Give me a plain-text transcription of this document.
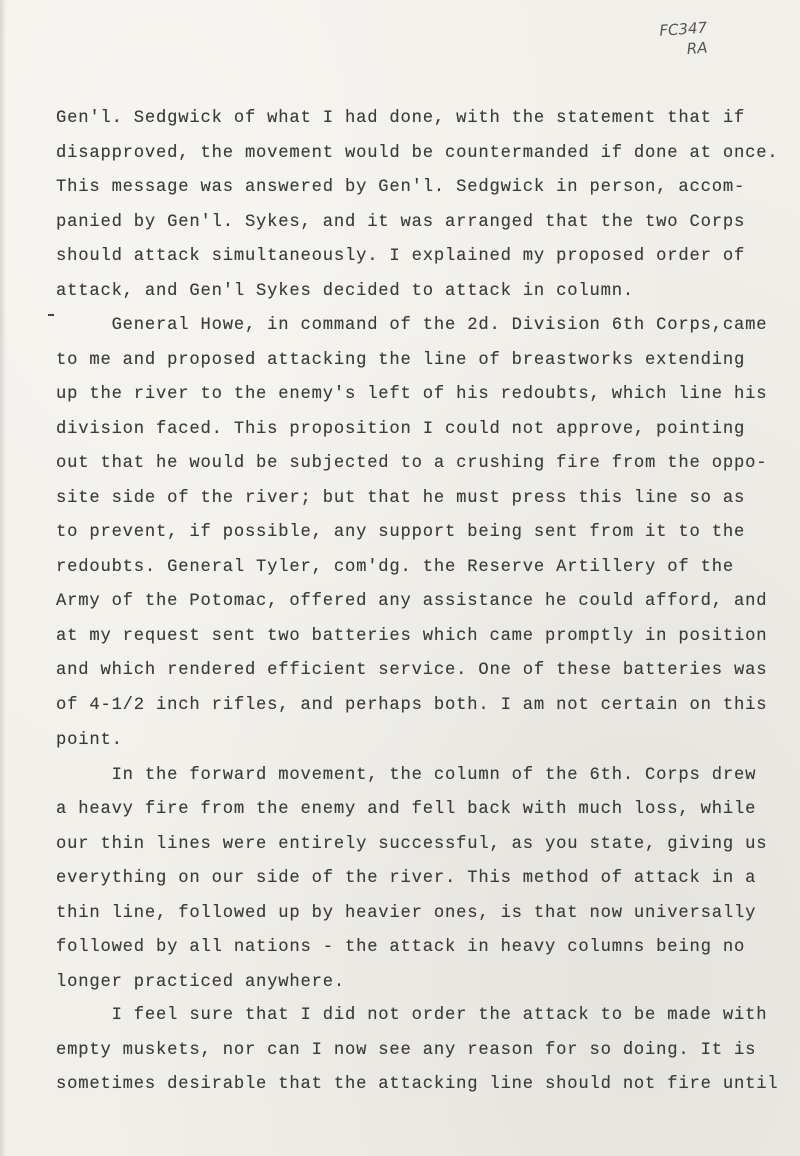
FC347
RA
Gen'l. Sedgwick of what I had done, with the statement that if
disapproved, the movement would be countermanded if done at once.
This message was answered by Gen'l. Sedgwick in person, accom-
panied by Gen'l. Sykes, and it was arranged that the two Corps
should attack simultaneously. I explained my proposed order of
attack, and Gen'l Sykes decided to attack in column.
General Howe, in command of the 2d. Division 6th Corps,came
to me and proposed attacking the line of breastworks extending
up the river to the enemy's left of his redoubts, which line his
division faced. This proposition I could not approve, pointing
out that he would be subjected to a crushing fire from the oppo-
site side of the river; but that he must press this line so as
to prevent, if possible, any support being sent from it to the
redoubts. General Tyler, com'dg. the Reserve Artillery of the
Army of the Potomac, offered any assistance he could afford, and
at my request sent two batteries which came promptly in position
and which rendered efficient service. One of these batteries was
of 4-1/2 inch rifles, and perhaps both. I am not certain on this
point.
In the forward movement, the column of the 6th. Corps drew
a heavy fire from the enemy and fell back with much loss, while
our thin lines were entirely successful, as you state, giving us
everything on our side of the river. This method of attack in a
thin line, followed up by heavier ones, is that now universally
followed by all nations - the attack in heavy columns being no
longer practiced anywhere.
I feel sure that I did not order the attack to be made with
empty muskets, nor can I now see any reason for so doing. It is
sometimes desirable that the attacking line should not fire until
